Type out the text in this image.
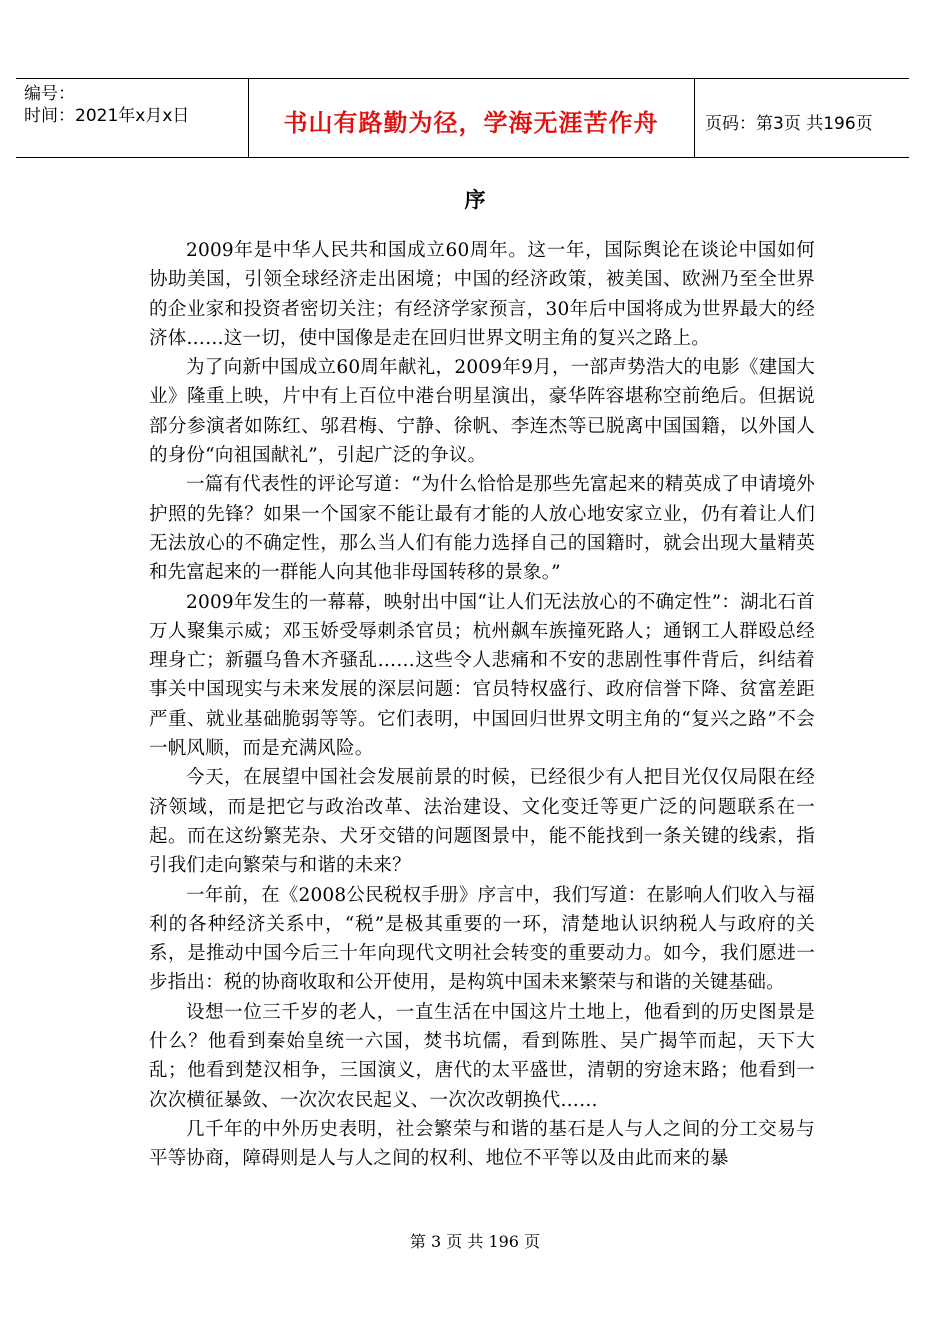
编号：
时间：2021年x月x日	书山有路勤为径，学海无涯苦作舟	页码：第3页 共196页
序

2009年是中华人民共和国成立60周年。这一年，国际舆论在谈论中国如何协助美国，引领全球经济走出困境；中国的经济政策，被美国、欧洲乃至全世界的企业家和投资者密切关注；有经济学家预言，30年后中国将成为世界最大的经济体……这一切，使中国像是走在回归世界文明主角的复兴之路上。

为了向新中国成立60周年献礼，2009年9月，一部声势浩大的电影《建国大业》隆重上映，片中有上百位中港台明星演出，豪华阵容堪称空前绝后。但据说部分参演者如陈红、邬君梅、宁静、徐帆、李连杰等已脱离中国国籍，以外国人的身份“向祖国献礼”，引起广泛的争议。

一篇有代表性的评论写道：“为什么恰恰是那些先富起来的精英成了申请境外护照的先锋？如果一个国家不能让最有才能的人放心地安家立业，仍有着让人们无法放心的不确定性，那么当人们有能力选择自己的国籍时，就会出现大量精英和先富起来的一群能人向其他非母国转移的景象。”

2009年发生的一幕幕，映射出中国“让人们无法放心的不确定性”：湖北石首万人聚集示威；邓玉娇受辱刺杀官员；杭州飙车族撞死路人；通钢工人群殴总经理身亡；新疆乌鲁木齐骚乱……这些令人悲痛和不安的悲剧性事件背后，纠结着事关中国现实与未来发展的深层问题：官员特权盛行、政府信誉下降、贫富差距严重、就业基础脆弱等等。它们表明，中国回归世界文明主角的“复兴之路”不会一帆风顺，而是充满风险。

今天，在展望中国社会发展前景的时候，已经很少有人把目光仅仅局限在经济领域，而是把它与政治改革、法治建设、文化变迁等更广泛的问题联系在一起。而在这纷繁芜杂、犬牙交错的问题图景中，能不能找到一条关键的线索，指引我们走向繁荣与和谐的未来？

一年前，在《2008公民税权手册》序言中，我们写道：在影响人们收入与福利的各种经济关系中，“税”是极其重要的一环，清楚地认识纳税人与政府的关系，是推动中国今后三十年向现代文明社会转变的重要动力。如今，我们愿进一步指出：税的协商收取和公开使用，是构筑中国未来繁荣与和谐的关键基础。

设想一位三千岁的老人，一直生活在中国这片土地上，他看到的历史图景是什么？他看到秦始皇统一六国，焚书坑儒，看到陈胜、吴广揭竿而起，天下大乱；他看到楚汉相争，三国演义，唐代的太平盛世，清朝的穷途末路；他看到一次次横征暴敛、一次次农民起义、一次次改朝换代……

几千年的中外历史表明，社会繁荣与和谐的基石是人与人之间的分工交易与平等协商，障碍则是人与人之间的权利、地位不平等以及由此而来的暴

第 3 页 共 196 页
